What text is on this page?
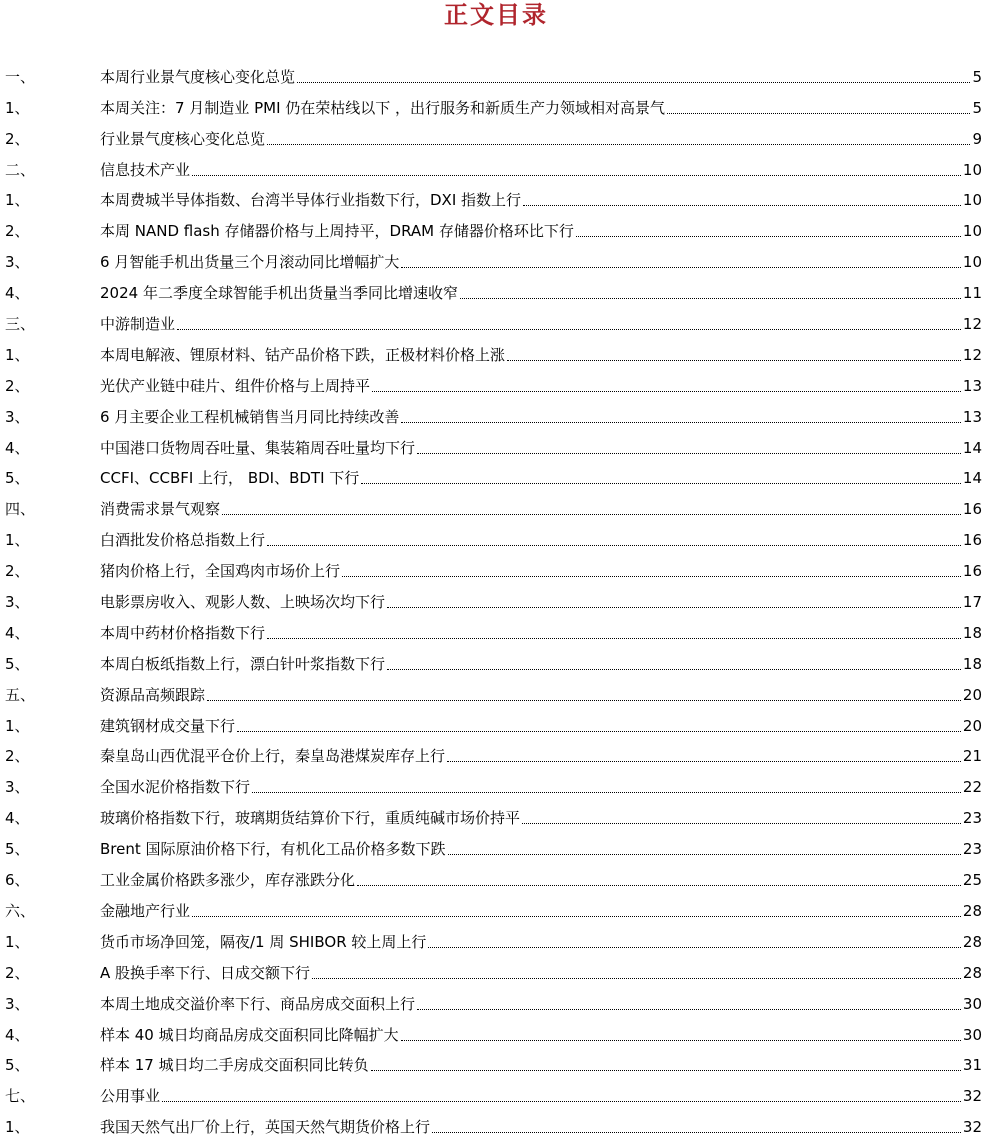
正文目录
一、	本周行业景气度核心变化总览	5
1、	本周关注：7 月制造业 PMI 仍在荣枯线以下 ，出行服务和新质生产力领域相对高景气	5
2、	行业景气度核心变化总览	9
二、	信息技术产业	10
1、	本周费城半导体指数、台湾半导体行业指数下行，DXI 指数上行	10
2、	本周 NAND flash 存储器价格与上周持平，DRAM 存储器价格环比下行	10
3、	6 月智能手机出货量三个月滚动同比增幅扩大	10
4、	2024 年二季度全球智能手机出货量当季同比增速收窄	11
三、	中游制造业	12
1、	本周电解液、锂原材料、钴产品价格下跌，正极材料价格上涨	12
2、	光伏产业链中硅片、组件价格与上周持平	13
3、	6 月主要企业工程机械销售当月同比持续改善	13
4、	中国港口货物周吞吐量、集装箱周吞吐量均下行	14
5、	CCFI、CCBFI 上行， BDI、BDTI 下行	14
四、	消费需求景气观察	16
1、	白酒批发价格总指数上行	16
2、	猪肉价格上行，全国鸡肉市场价上行	16
3、	电影票房收入、观影人数、上映场次均下行	17
4、	本周中药材价格指数下行	18
5、	本周白板纸指数上行，漂白针叶浆指数下行	18
五、	资源品高频跟踪	20
1、	建筑钢材成交量下行	20
2、	秦皇岛山西优混平仓价上行，秦皇岛港煤炭库存上行	21
3、	全国水泥价格指数下行	22
4、	玻璃价格指数下行，玻璃期货结算价下行，重质纯碱市场价持平	23
5、	Brent 国际原油价格下行，有机化工品价格多数下跌	23
6、	工业金属价格跌多涨少，库存涨跌分化	25
六、	金融地产行业	28
1、	货币市场净回笼，隔夜/1 周 SHIBOR 较上周上行	28
2、	A 股换手率下行、日成交额下行	28
3、	本周土地成交溢价率下行、商品房成交面积上行	30
4、	样本 40 城日均商品房成交面积同比降幅扩大	30
5、	样本 17 城日均二手房成交面积同比转负	31
七、	公用事业	32
1、	我国天然气出厂价上行，英国天然气期货价格上行	32
